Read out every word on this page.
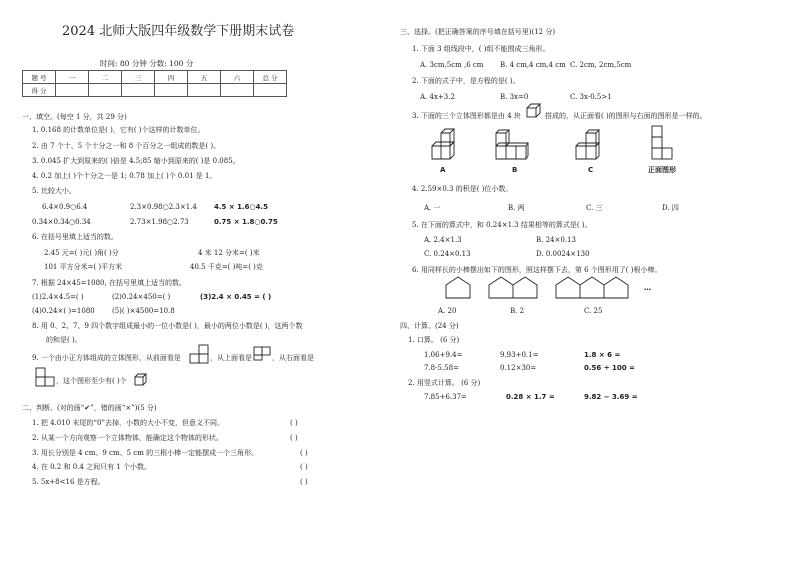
2024 北师大版四年级数学下册期末试卷
时间: 80 分钟 分数: 100 分
题 号	一	二	三	四	五	六	总 分
得 分							
一、填空。(每空 1 分，共 29 分)
1. 0.168 的计数单位是( )，它有( )个这样的计数单位。
2. 由 7 个十、5 个十分之一和 8 个百分之一组成的数是( )。
3. 0.045 扩大到原来的( )倍是 4.5;85 缩小到原来的( )是 0.085。
4. 0.2 加上( )个十分之一是 1; 0.78 加上( )个 0.01 是 1。
5. 比较大小。
6.4×0.9○6.4	2.3×0.98○2.3×1.4 4.5 × 1.6○4.5
0.34×0.34○0.34	2.73×1.98○2.73	0.75 × 1.8○0.75
6. 在括号里填上适当的数。
2.45 元=( )元( )角( )分	4 米 12 分米=( )米
101 平方分米=( )平方米	40.5 千克=( )吨=( )克
7. 根据 24×45=1080, 在括号里填上适当的数。
(1)2.4×4.5=( )	(2)0.24×450=( )	(3)2.4 × 0.45 = ( )
(4)0.24×( )=1080 (5)( )×4500=10.8
8. 用 0、2、7、9 四个数字组成最小的一位小数是( )，最小的两位小数是( )，这两个数
的和是( )。
9. 一个由小正方体组成的立体图形，从前面看是	，从上面看是	，从右面看是
，这个图形至少有( )个
二、判断。(对的画“✔”，错的画“×”)(5 分)
1. 把 4.010 末尾的“0”去掉，小数的大小不变，但意义不同。	( )
2. 从某一个方向观察一个立体物体，能确定这个物体的形状。	( )
3. 用长分别是 4 cm、9 cm、5 cm 的三根小棒一定能摆成一个三角形。	( )
4. 在 0.2 和 0.4 之间只有 1 个小数。	( )
5. 5x+8<16 是方程。	( )
三、选择。(把正确答案的序号填在括号里)(12 分)
1. 下面 3 组线段中，( )组不能围成三角形。
A. 3cm,5cm ,6 cm B. 4 cm,4 cm,4 cm C. 2cm, 2cm,5cm
2. 下面的式子中，是方程的是( )。
A. 4x+3.2	B. 3x=0	C. 3x-0.5>1
3. 下面的三个立体图形都是由 4 块	搭成的，从正面看( )的图形与右面的图形是一样的。
A	B	C	正面图形
4. 2.59×0.3 的积是( )位小数。
A. 一	B. 两	C. 三	D. 四
5. 在下面的算式中，和 0.24×1.3 结果相等的算式是( )。
A. 2.4×1.3	B. 24×0.13
C. 0.24×0.13	D. 0.0024×130
6. 用同样长的小棒摆出如下的图形，照这样摆下去，第 6 个图形用了( )根小棒。
…
A. 20	B. 2	C. 25
四、计算。(24 分)
1. 口算。 (6 分)
1.06+9.4=	9.93+0.1=	1.8 × 6 =
7.8-5.58=	0.12×30=	0.56 ÷ 100 =
2. 用竖式计算。 (6 分)
7.85+6.37=	0.28 × 1.7 =	9.82 − 3.69 =
